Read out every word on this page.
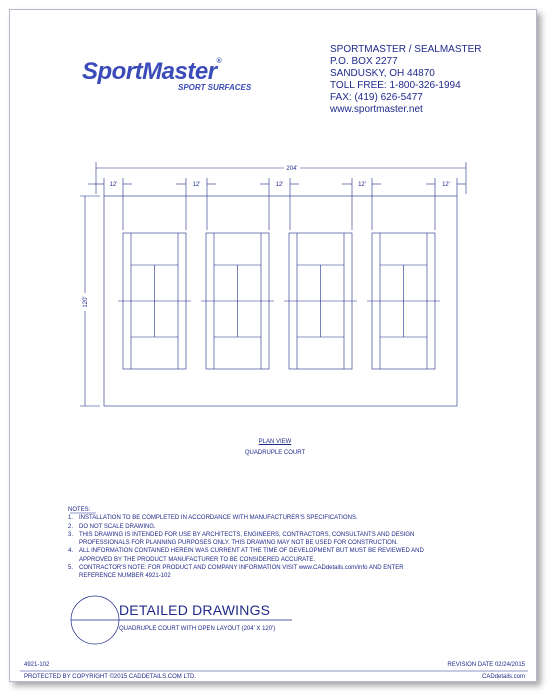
SportMaster®
SPORT SURFACES
SPORTMASTER / SEALMASTER
P.O. BOX 2277
SANDUSKY, OH 44870
TOLL FREE: 1-800-326-1994
FAX: (419) 626-5477
www.sportmaster.net
204'
120'
12'	12'	12'	12'	12'
PLAN VIEW
QUADRUPLE COURT
NOTES:
1. INSTALLATION TO BE COMPLETED IN ACCORDANCE WITH MANUFACTURER'S SPECIFICATIONS.
2. DO NOT SCALE DRAWING.
3. THIS DRAWING IS INTENDED FOR USE BY ARCHITECTS, ENGINEERS, CONTRACTORS, CONSULTANTS AND DESIGN
PROFESSIONALS FOR PLANNING PURPOSES ONLY. THIS DRAWING MAY NOT BE USED FOR CONSTRUCTION.
4. ALL INFORMATION CONTAINED HEREIN WAS CURRENT AT THE TIME OF DEVELOPMENT BUT MUST BE REVIEWED AND
APPROVED BY THE PRODUCT MANUFACTURER TO BE CONSIDERED ACCURATE.
5. CONTRACTOR'S NOTE: FOR PRODUCT AND COMPANY INFORMATION VISIT www.CADdetails.com/info AND ENTER
REFERENCE NUMBER 4921-102
DETAILED DRAWINGS
QUADRUPLE COURT WITH OPEN LAYOUT (204' X 120')
4921-102	REVISION DATE 02/24/2015
PROTECTED BY COPYRIGHT ©2015 CADDETAILS.COM LTD.	CADdetails.com
